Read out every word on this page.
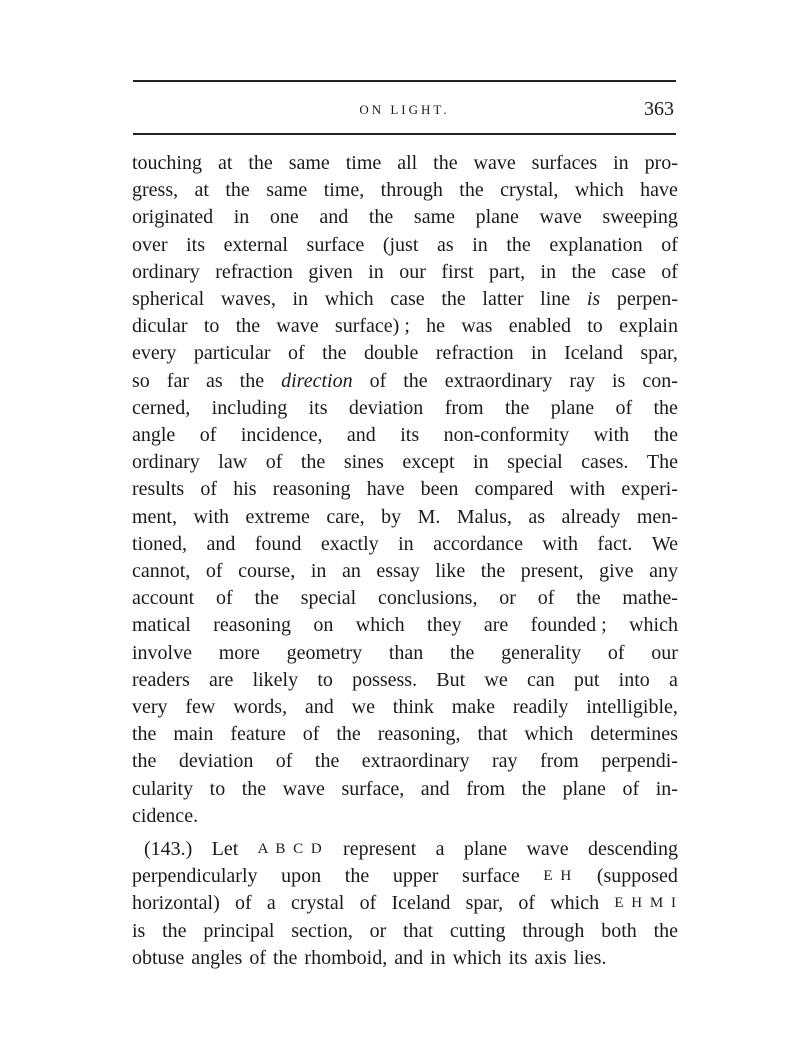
ON LIGHT.	363
touching at the same time all the wave surfaces in pro-
gress, at the same time, through the crystal, which have
originated in one and the same plane wave sweeping
over its external surface (just as in the explanation of
ordinary refraction given in our first part, in the case of
spherical waves, in which case the latter line is perpen-
dicular to the wave surface) ; he was enabled to explain
every particular of the double refraction in Iceland spar,
so far as the direction of the extraordinary ray is con-
cerned, including its deviation from the plane of the
angle of incidence, and its non-conformity with the
ordinary law of the sines except in special cases. The
results of his reasoning have been compared with experi-
ment, with extreme care, by M. Malus, as already men-
tioned, and found exactly in accordance with fact. We
cannot, of course, in an essay like the present, give any
account of the special conclusions, or of the mathe-
matical reasoning on which they are founded ; which
involve more geometry than the generality of our
readers are likely to possess. But we can put into a
very few words, and we think make readily intelligible,
the main feature of the reasoning, that which determines
the deviation of the extraordinary ray from perpendi-
cularity to the wave surface, and from the plane of in-
cidence.
(143.) Let A B C D represent a plane wave descending
perpendicularly upon the upper surface E H (supposed
horizontal) of a crystal of Iceland spar, of which E H M I
is the principal section, or that cutting through both the
obtuse angles of the rhomboid, and in which its axis lies.
